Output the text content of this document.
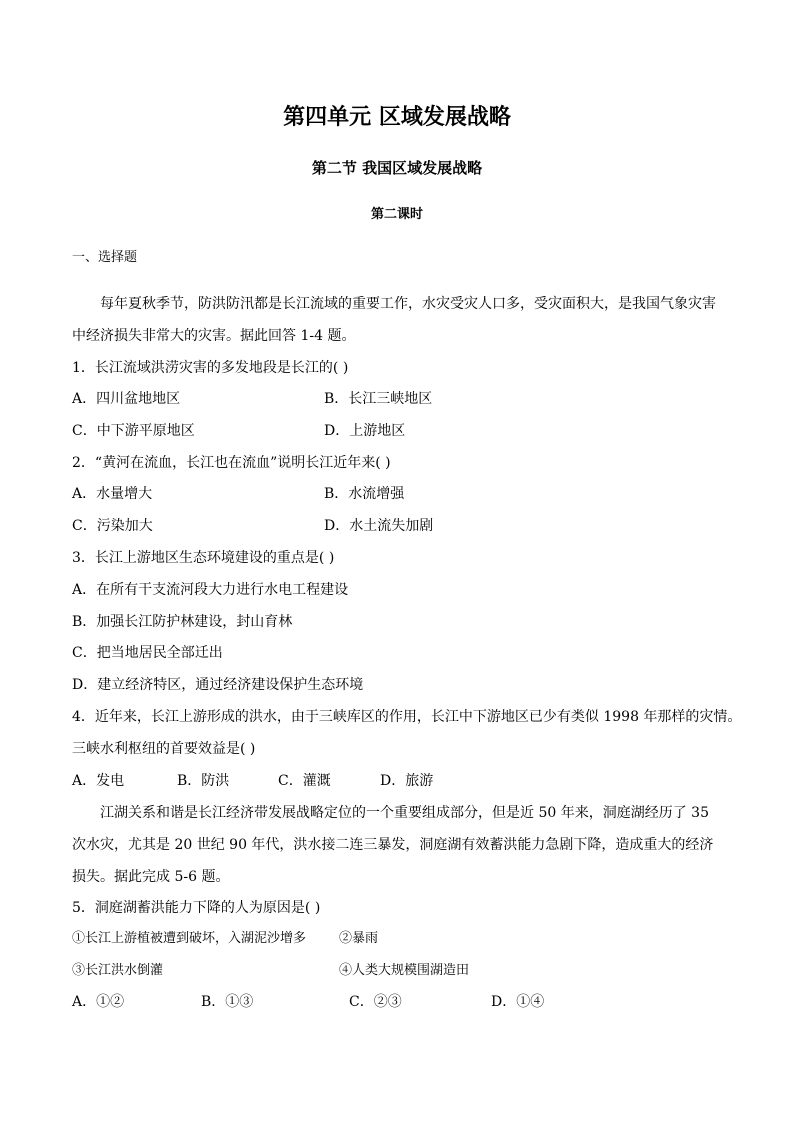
第四单元 区域发展战略
第二节 我国区域发展战略
第二课时
一、选择题
每年夏秋季节，防洪防汛都是长江流域的重要工作，水灾受灾人口多，受灾面积大，是我国气象灾害中经济损失非常大的灾害。据此回答 1-4 题。
1．长江流域洪涝灾害的多发地段是长江的( )
A．四川盆地地区	B．长江三峡地区
C．中下游平原地区	D．上游地区
2．“黄河在流血，长江也在流血”说明长江近年来( )
A．水量增大	B．水流增强
C．污染加大	D．水土流失加剧
3．长江上游地区生态环境建设的重点是( )
A．在所有干支流河段大力进行水电工程建设
B．加强长江防护林建设，封山育林
C．把当地居民全部迁出
D．建立经济特区，通过经济建设保护生态环境
4．近年来，长江上游形成的洪水，由于三峡库区的作用，长江中下游地区已少有类似 1998 年那样的灾情。
三峡水利枢纽的首要效益是( )
A．发电	B．防洪	C．灌溉	D．旅游
江湖关系和谐是长江经济带发展战略定位的一个重要组成部分，但是近 50 年来，洞庭湖经历了 35 次水灾，尤其是 20 世纪 90 年代，洪水接二连三暴发，洞庭湖有效蓄洪能力急剧下降，造成重大的经济损失。据此完成 5-6 题。
5．洞庭湖蓄洪能力下降的人为原因是( )
①长江上游植被遭到破坏，入湖泥沙增多	②暴雨
③长江洪水倒灌	④人类大规模围湖造田
A．①②	B．①③	C．②③	D．①④
